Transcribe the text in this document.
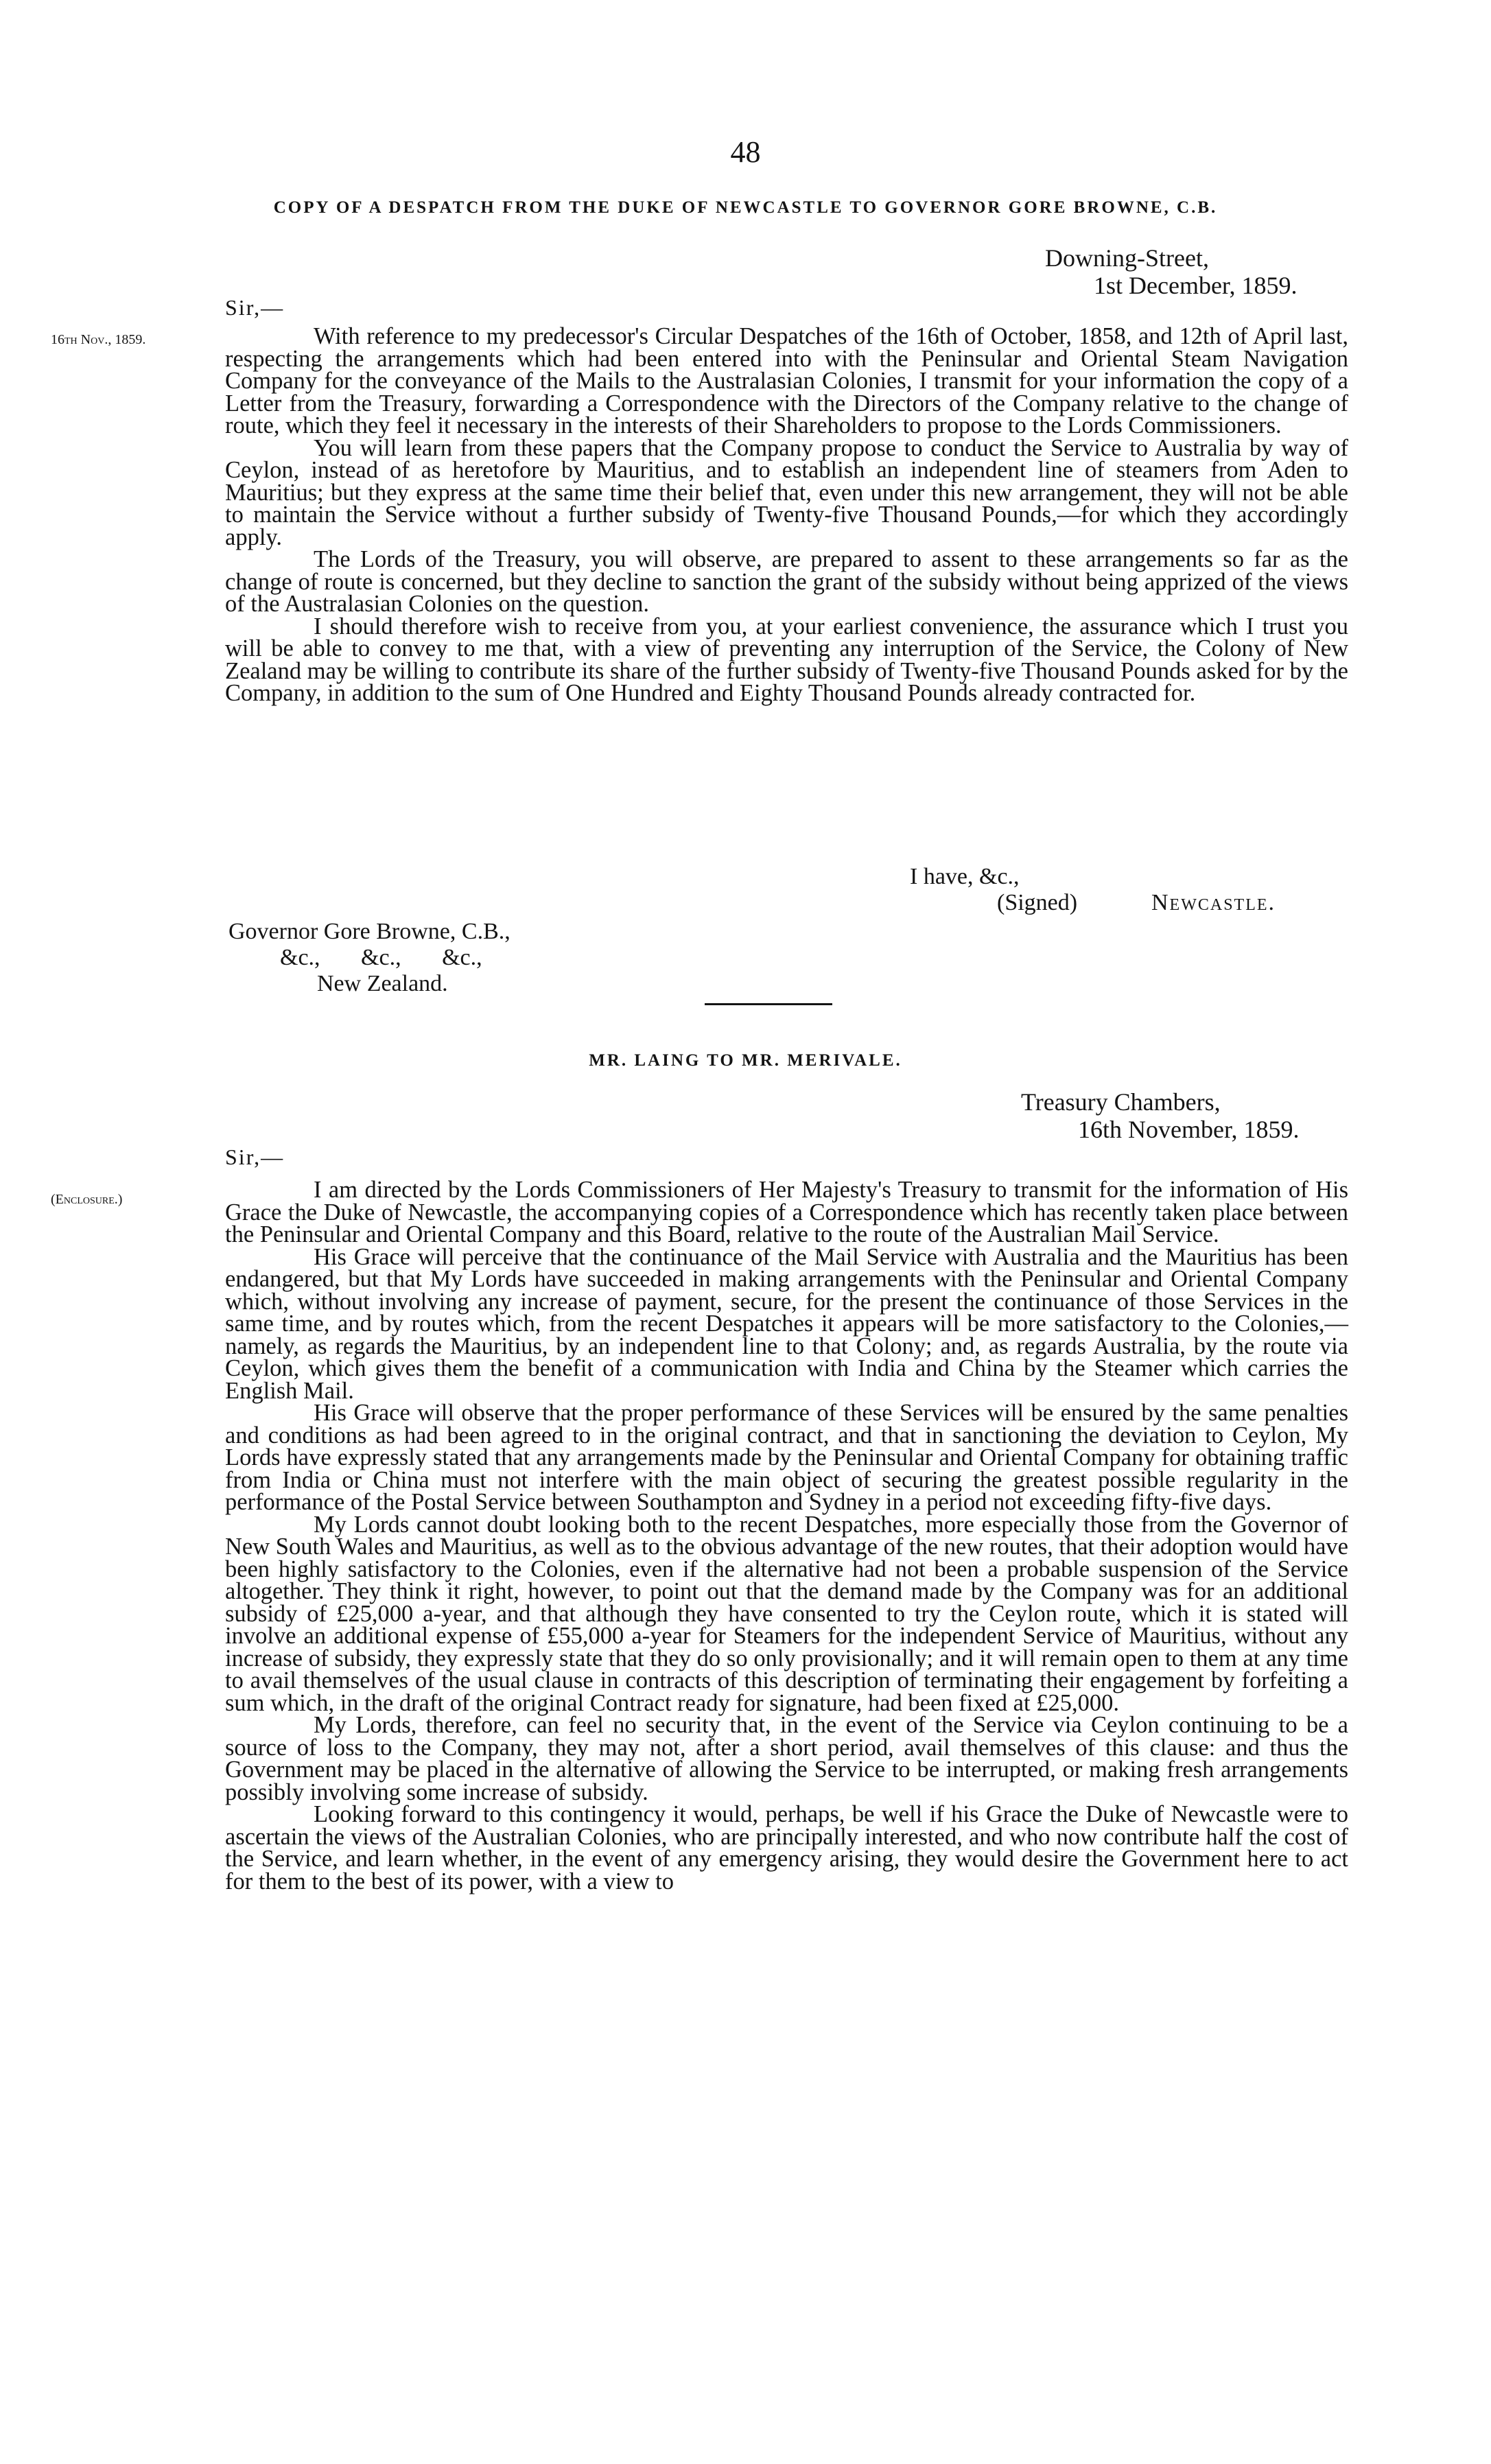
48
COPY OF A DESPATCH FROM THE DUKE OF NEWCASTLE TO GOVERNOR GORE BROWNE, C.B.
Downing-Street,
1st December, 1859.
Sir,—
16th Nov., 1859.	With reference to my predecessor's Circular Despatches of the 16th of October, 1858, and 12th of April last, respecting the arrangements which had been entered into with the Peninsular and Oriental Steam Navigation Company for the conveyance of the Mails to the Australasian Colonies, I transmit for your information the copy of a Letter from the Treasury, forwarding a Correspondence with the Directors of the Company relative to the change of route, which they feel it necessary in the interests of their Shareholders to propose to the Lords Commissioners.

You will learn from these papers that the Company propose to conduct the Service to Australia by way of Ceylon, instead of as heretofore by Mauritius, and to establish an independent line of steamers from Aden to Mauritius; but they express at the same time their belief that, even under this new arrangement, they will not be able to maintain the Service without a further subsidy of Twenty-five Thousand Pounds,—for which they accordingly apply.

The Lords of the Treasury, you will observe, are prepared to assent to these arrangements so far as the change of route is concerned, but they decline to sanction the grant of the subsidy without being apprized of the views of the Australasian Colonies on the question.

I should therefore wish to receive from you, at your earliest convenience, the assurance which I trust you will be able to convey to me that, with a view of preventing any interruption of the Service, the Colony of New Zealand may be willing to contribute its share of the further subsidy of Twenty-five Thousand Pounds asked for by the Company, in addition to the sum of One Hundred and Eighty Thousand Pounds already contracted for.

I have, &c.,
(Signed)	Newcastle.
Governor Gore Browne, C.B.,
&c.,       &c.,       &c.,
New Zealand.
MR. LAING TO MR. MERIVALE.
Treasury Chambers,
16th November, 1859.
Sir,—
(Enclosure.)	I am directed by the Lords Commissioners of Her Majesty's Treasury to transmit for the information of His Grace the Duke of Newcastle, the accompanying copies of a Correspondence which has recently taken place between the Peninsular and Oriental Company and this Board, relative to the route of the Australian Mail Service.

His Grace will perceive that the continuance of the Mail Service with Australia and the Mauritius has been endangered, but that My Lords have succeeded in making arrangements with the Peninsular and Oriental Company which, without involving any increase of payment, secure, for the present the continuance of those Services in the same time, and by routes which, from the recent Despatches it appears will be more satisfactory to the Colonies,—namely, as regards the Mauritius, by an independent line to that Colony; and, as regards Australia, by the route via Ceylon, which gives them the benefit of a communication with India and China by the Steamer which carries the English Mail.

His Grace will observe that the proper performance of these Services will be ensured by the same penalties and conditions as had been agreed to in the original contract, and that in sanctioning the deviation to Ceylon, My Lords have expressly stated that any arrangements made by the Peninsular and Oriental Company for obtaining traffic from India or China must not interfere with the main object of securing the greatest possible regularity in the performance of the Postal Service between Southampton and Sydney in a period not exceeding fifty-five days.

My Lords cannot doubt looking both to the recent Despatches, more especially those from the Governor of New South Wales and Mauritius, as well as to the obvious advantage of the new routes, that their adoption would have been highly satisfactory to the Colonies, even if the alternative had not been a probable suspension of the Service altogether. They think it right, however, to point out that the demand made by the Company was for an additional subsidy of £25,000 a-year, and that although they have consented to try the Ceylon route, which it is stated will involve an additional expense of £55,000 a-year for Steamers for the independent Service of Mauritius, without any increase of subsidy, they expressly state that they do so only provisionally; and it will remain open to them at any time to avail themselves of the usual clause in contracts of this description of terminating their engagement by forfeiting a sum which, in the draft of the original Contract ready for signature, had been fixed at £25,000.

My Lords, therefore, can feel no security that, in the event of the Service via Ceylon continuing to be a source of loss to the Company, they may not, after a short period, avail themselves of this clause: and thus the Government may be placed in the alternative of allowing the Service to be interrupted, or making fresh arrangements possibly involving some increase of subsidy.

Looking forward to this contingency it would, perhaps, be well if his Grace the Duke of Newcastle were to ascertain the views of the Australian Colonies, who are principally interested, and who now contribute half the cost of the Service, and learn whether, in the event of any emergency arising, they would desire the Government here to act for them to the best of its power, with a view to
